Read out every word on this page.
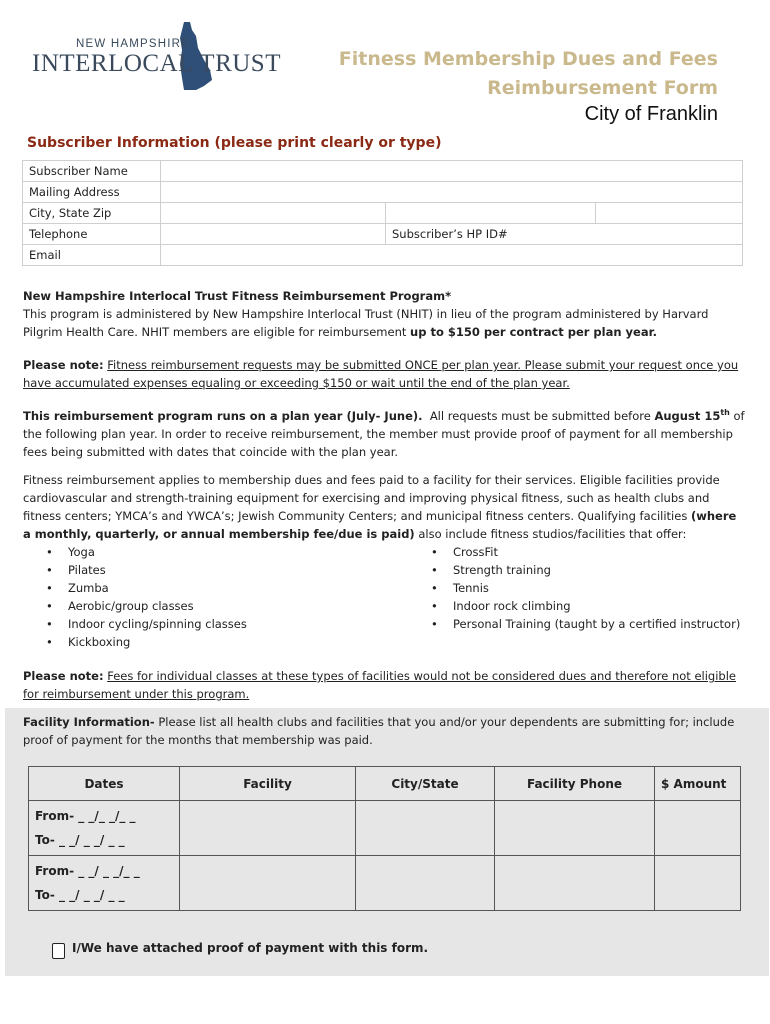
NEW HAMPSHIRE
INTERLOCAL TRUST	Fitness Membership Dues and Fees
Reimbursement Form
City of Franklin
Subscriber Information (please print clearly or type)
Subscriber Name			
Mailing Address			
City, State Zip			
Telephone		Subscriber’s HP ID#	
Email			
New Hampshire Interlocal Trust Fitness Reimbursement Program*
This program is administered by New Hampshire Interlocal Trust (NHIT) in lieu of the program administered by Harvard Pilgrim Health Care. NHIT members are eligible for reimbursement up to $150 per contract per plan year.
Please note: Fitness reimbursement requests may be submitted ONCE per plan year. Please submit your request once you have accumulated expenses equaling or exceeding $150 or wait until the end of the plan year.
This reimbursement program runs on a plan year (July- June). All requests must be submitted before August 15th of the following plan year. In order to receive reimbursement, the member must provide proof of payment for all membership fees being submitted with dates that coincide with the plan year.
Fitness reimbursement applies to membership dues and fees paid to a facility for their services. Eligible facilities provide cardiovascular and strength-training equipment for exercising and improving physical fitness, such as health clubs and fitness centers; YMCA’s and YWCA’s; Jewish Community Centers; and municipal fitness centers. Qualifying facilities (where a monthly, quarterly, or annual membership fee/due is paid) also include fitness studios/facilities that offer:
• Yoga
• Pilates
• Zumba
• Aerobic/group classes
• Indoor cycling/spinning classes
• Kickboxing
• CrossFit
• Strength training
• Tennis
• Indoor rock climbing
• Personal Training (taught by a certified instructor)
Please note: Fees for individual classes at these types of facilities would not be considered dues and therefore not eligible for reimbursement under this program.
Facility Information- Please list all health clubs and facilities that you and/or your dependents are submitting for; include proof of payment for the months that membership was paid.
Dates	Facility	City/State	Facility Phone	$ Amount

From- _ _/_ _/_ _
To- _ _/ _ _/ _ _				

From- _ _/ _ _/_ _
To- _ _/ _ _/ _ _				

I/We have attached proof of payment with this form.
